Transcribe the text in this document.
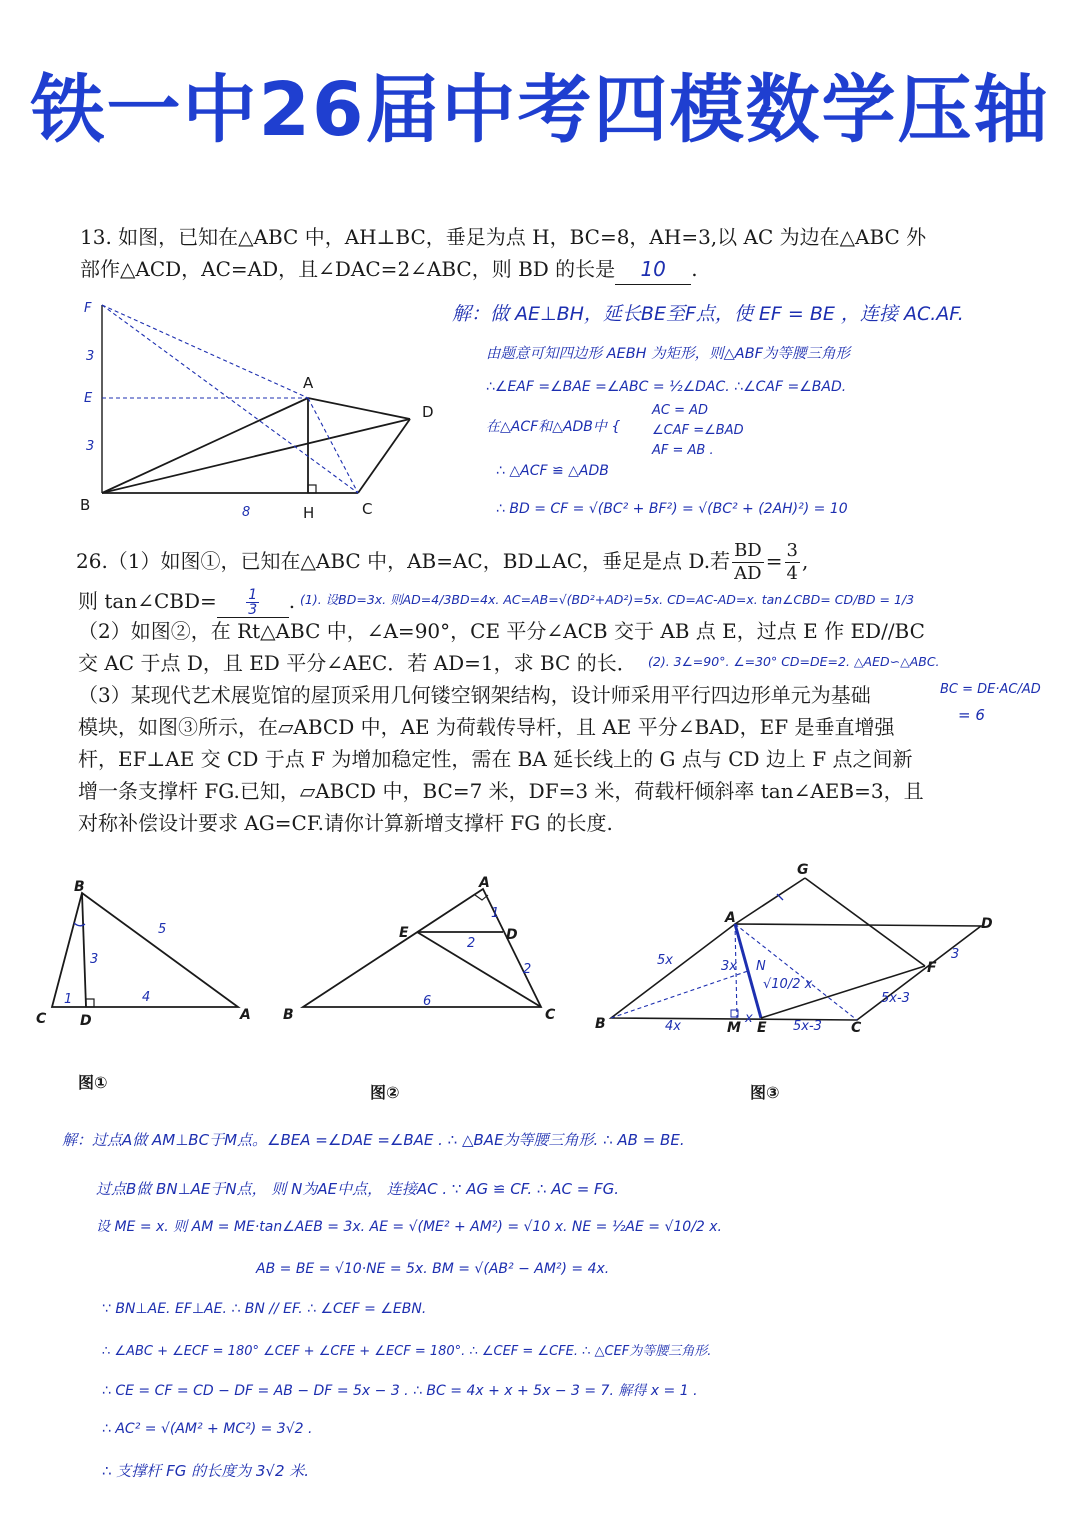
铁一中26届中考四模数学压轴
13. 如图，已知在△ABC 中，AH⊥BC，垂足为点 H，BC=8，AH=3,以 AC 为边在△ABC 外
部作△ACD，AC=AD，且∠DAC=2∠ABC，则 BD 的长是 10 .
F
E
3
3
8
A
D
B	H	C
解：做 AE⊥BH，延长BE至F点，使 EF = BE ，连接 AC.AF.
由题意可知四边形 AEBH 为矩形，则△ABF为等腰三角形
∴∠EAF =∠BAE =∠ABC = ½∠DAC. ∴∠CAF =∠BAD.
在△ACF和△ADB中 {
AC = AD
∠CAF =∠BAD
AF = AB .
∴ △ACF ≌ △ADB
∴ BD = CF = √(BC² + BF²) = √(BC² + (2AH)²) = 10
26.（1）如图①，已知在△ABC 中，AB=AC，BD⊥AC，垂足是点 D.若 $\frac{BD}{AD} = \frac{3}{4}$ ,
则 tan∠CBD= $\frac{1}{3}$ . (1). 设BD=3x. 则AD=4/3BD=4x. AC=AB=√(BD²+AD²)=5x. CD=AC-AD=x. tan∠CBD= CD/BD = 1/3
（2）如图②，在 Rt△ABC 中，∠A=90°，CE 平分∠ACB 交于 AB 点 E，过点 E 作 ED//BC
交 AC 于点 D，且 ED 平分∠AEC．若 AD=1，求 BC 的长． (2). 3∠=90°. ∠=30° CD=DE=2. △AED∽△ABC.
BC = DE·AC/AD
= 6
（3）某现代艺术展览馆的屋顶采用几何镂空钢架结构，设计师采用平行四边形单元为基础
模块，如图③所示，在▱ABCD 中，AE 为荷载传导杆，且 AE 平分∠BAD，EF 是垂直增强
杆，EF⊥AE 交 CD 于点 F 为增加稳定性，需在 BA 延长线上的 G 点与 CD 边上 F 点之间新
增一条支撑杆 FG.已知，▱ABCD 中，BC=7 米，DF=3 米，荷载杆倾斜率 tan∠AEB=3，且
对称补偿设计要求 AG=CF.请你计算新增支撑杆 FG 的长度.
B
C D	A
5
3
1	4
图①
A
E	D
B	C
1
2
2
6
图②
G
A	D
F
B	M E	C
N
5x	3x
4x
x
5x-3
5x-3
3
√10/2 x
图③
解：过点A做 AM⊥BC于M点。∠BEA =∠DAE =∠BAE . ∴ △BAE为等腰三角形. ∴ AB = BE.
过点B做 BN⊥AE于N点， 则 N为AE中点， 连接AC . ∵ AG ≌ CF. ∴ AC = FG.
设 ME = x. 则 AM = ME·tan∠AEB = 3x. AE = √(ME² + AM²) = √10 x. NE = ½AE = √10/2 x.
AB = BE = √10·NE = 5x. BM = √(AB² − AM²) = 4x.
∵ BN⊥AE. EF⊥AE. ∴ BN // EF. ∴ ∠CEF = ∠EBN.
∴ ∠ABC + ∠ECF = 180° ∠CEF + ∠CFE + ∠ECF = 180°. ∴ ∠CEF = ∠CFE. ∴ △CEF为等腰三角形.
∴ CE = CF = CD − DF = AB − DF = 5x − 3 . ∴ BC = 4x + x + 5x − 3 = 7. 解得 x = 1 .
∴ AC² = √(AM² + MC²) = 3√2 .
∴ 支撑杆 FG 的长度为 3√2 米.
